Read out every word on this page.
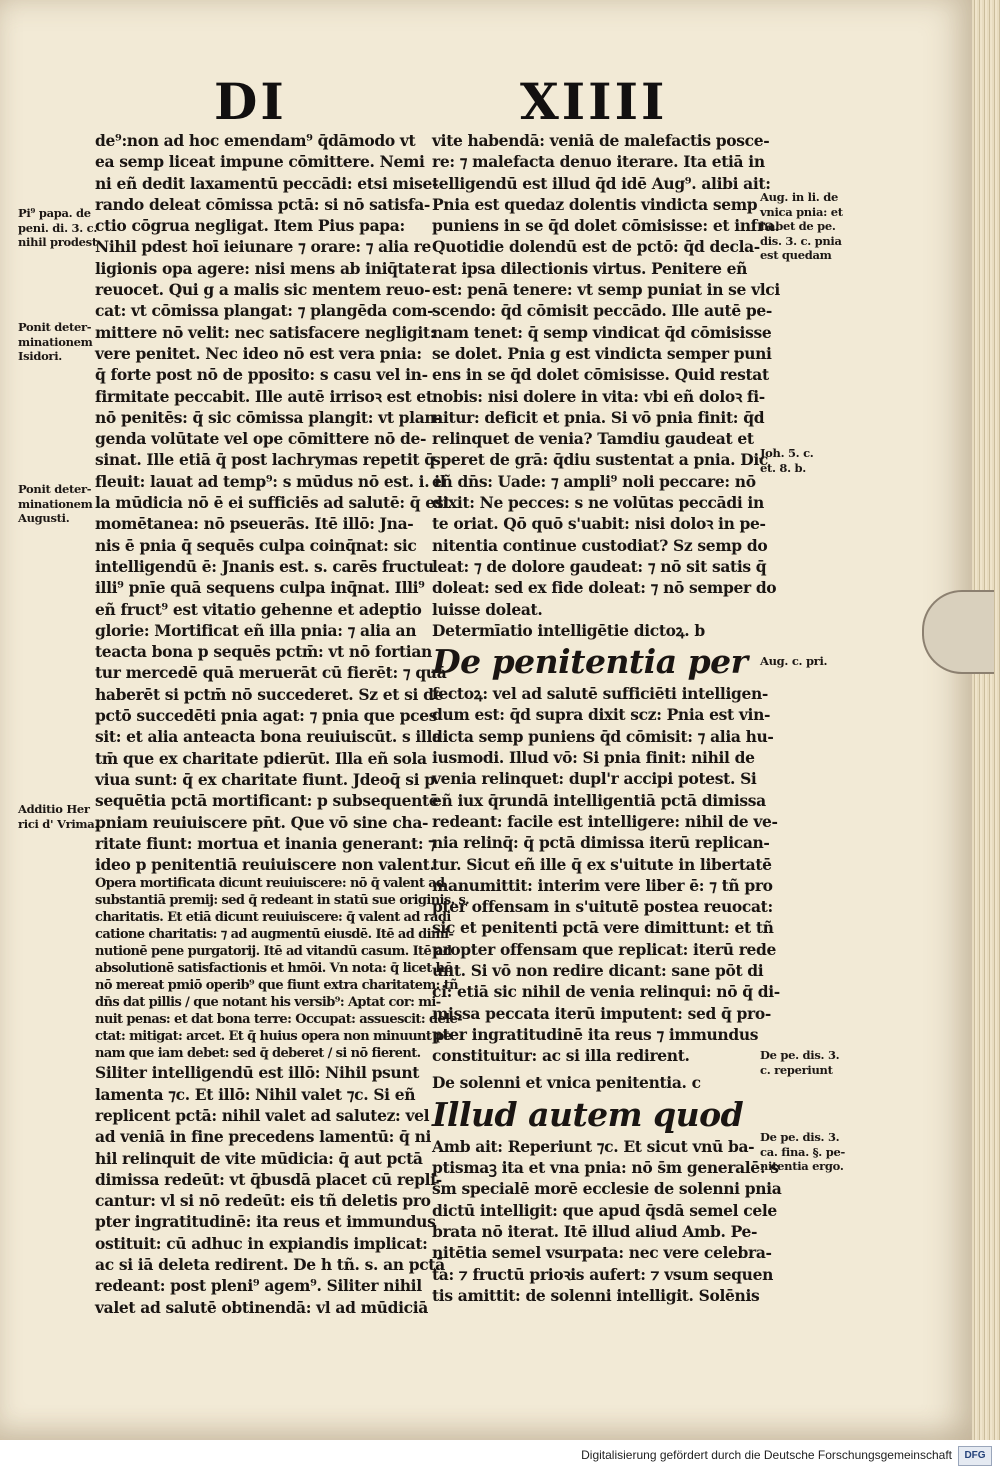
DI	XIIII
de⁹:non ad hoc emendam⁹ q̄dāmodo vt
ea semp liceat impune cōmittere. Nemi
ni eñ dedit laxamentū peccādi: etsi mise-
rando deleat cōmissa pctā: si nō satisfa-
ctio cōgrua negligat. Item Pius papa:
Nihil pdest hoī ieiunare ⁊ orare: ⁊ alia re
ligionis opa agere: nisi mens ab iniq̄tate
reuocet. Qui g a malis sic mentem reuo-
cat: vt cōmissa plangat: ⁊ plangēda com-
mittere nō velit: nec satisfacere negligit:
vere penitet. Nec ideo nō est vera pnia:
q̄ forte post nō de pposito: s casu vel in-
firmitate peccabit. Ille autē irrisoꝛ est et
nō penitēs: q̄ sic cōmissa plangit: vt plan-
genda volūtate vel ope cōmittere nō de-
sinat. Ille etiā q̄ post lachrymas repetit q̄
fleuit: lauat ad temp⁹: s mūdus nō est. i. il
la mūdicia nō ē ei sufficiēs ad salutē: q̄ est
momētanea: nō pseuerās. Itē illō: Jna-
nis ē pnia q̄ sequēs culpa coinq̄nat: sic
intelligendū ē: Jnanis est. s. carēs fructu
illi⁹ pnīe quā sequens culpa inq̄nat. Illi⁹
eñ fruct⁹ est vitatio gehenne et adeptio
glorie: Mortificat eñ illa pnia: ⁊ alia an
teacta bona p sequēs pctm̄: vt nō fortian
tur mercedē quā meruerāt cū fierēt: ⁊ quā
haberēt si pctm̄ nō succederet. Sz et si de
pctō succedēti pnia agat: ⁊ pnia que pces
sit: et alia anteacta bona reuiuiscūt. s illa
tm̄ que ex charitate pdierūt. Illa eñ sola
viua sunt: q̄ ex charitate fiunt. Jdeoq̄ si p
sequētia pctā mortificant: p subsequentē
pniam reuiuiscere pn̄t. Que vō sine cha-
ritate fiunt: mortua et inania generant: ⁊
ideo p penitentiā reuiuiscere non valent.
Opera mortificata dicunt reuiuiscere: nō q̄ valent ad
substantiā premij: sed q̄ redeant in statū sue originis. s.
charitatis. Et etiā dicunt reuiuiscere: q̄ valent ad radi
catione charitatis: ⁊ ad augmentū eiusdē. Itē ad dimi-
nutionē pene purgatorij. Itē ad vitandū casum. Itē ad
absolutionē satisfactionis et hmōi. Vn nota: q̄ licet hō
nō mereat pmiō operib⁹ que fiunt extra charitatem: tñ
dn̄s dat pillis / que notant his versib⁹: Aptat cor: mi-
nuit penas: et dat bona terre: Occupat: assuescit: dele-
ctat: mitigat: arcet. Et q̄ huius opera non minuunt pe
nam que iam debet: sed q̄ deberet / si nō fierent.
Siliter intelligendū est illō: Nihil psunt
lamenta ⁊c. Et illō: Nihil valet ⁊c. Si eñ
replicent pctā: nihil valet ad salutez: vel
ad veniā in fine precedens lamentū: q̄ ni
hil relinquit de vite mūdicia: q̄ aut pctā
dimissa redeūt: vt q̄busdā placet cū repli-
cantur: vl si nō redeūt: eis tñ deletis pro
pter ingratitudinē: ita reus et immundus
ostituit: cū adhuc in expiandis implicat:
ac si iā deleta redirent. De h tñ. s. an pctā
redeant: post pleni⁹ agem⁹. Siliter nihil
valet ad salutē obtinendā: vl ad mūdiciā
vite habendā: veniā de malefactis posce-
re: ⁊ malefacta denuo iterare. Ita etiā in
telligendū est illud q̄d idē Aug⁹. alibi ait:
Pnia est quedaz dolentis vindicta semp
puniens in se q̄d dolet cōmisisse: et infra.
Quotidie dolendū est de pctō: q̄d decla-
rat ipsa dilectionis virtus. Penitere eñ
est: penā tenere: vt semp puniat in se vlci
scendo: q̄d cōmisit peccādo. Ille autē pe-
nam tenet: q̄ semp vindicat q̄d cōmisisse
se dolet. Pnia g est vindicta semper puni
ens in se q̄d dolet cōmisisse. Quid restat
nobis: nisi dolere in vita: vbi eñ doloꝛ fi-
nitur: deficit et pnia. Si vō pnia finit: q̄d
relinquet de venia? Tamdiu gaudeat et
speret de grā: q̄diu sustentat a pnia. Dic
eñ dn̄s: Uade: ⁊ ampli⁹ noli peccare: nō
dixit: Ne pecces: s ne volūtas peccādi in
te oriat. Qō quō s'uabit: nisi doloꝛ in pe-
nitentia continue custodiat? Sz semp do
leat: ⁊ de dolore gaudeat: ⁊ nō sit satis q̄
doleat: sed ex fide doleat: ⁊ nō semper do
luisse doleat.
Determīatio intelligētie dictoꝝ. b
De penitentia per
fectoꝝ: vel ad salutē sufficiēti intelligen-
dum est: q̄d supra dixit scz: Pnia est vin-
dicta semp puniens q̄d cōmisit: ⁊ alia hu-
iusmodi. Illud vō: Si pnia finit: nihil de
venia relinquet: dupl'r accipi potest. Si
eñ iux q̄rundā intelligentiā pctā dimissa
redeant: facile est intelligere: nihil de ve-
nia relinq̄: q̄ pctā dimissa iterū replican-
tur. Sicut eñ ille q̄ ex s'uitute in libertatē
manumittit: interim vere liber ē: ⁊ tñ pro
pter offensam in s'uitutē postea reuocat:
sic et penitenti pctā vere dimittunt: et tñ
propter offensam que replicat: iterū rede
unt. Si vō non redire dicant: sane pōt di
ci: etiā sic nihil de venia relinqui: nō q̄ di-
missa peccata iterū imputent: sed q̄ pro-
pter ingratitudinē ita reus ⁊ immundus
constituitur: ac si illa redirent.
De solenni et vnica penitentia. c
Illud autem quod
Amb ait: Reperiunt ⁊c. Et sicut vnū ba-
ptismaꝫ ita et vna pnia: nō s̄m generalē: s
s̄m specialē morē ecclesie de solenni pnia
dictū intelligit: que apud q̄sdā semel cele
brata nō iterat. Itē illud aliud Amb. Pe-
nitētia semel vsurpata: nec vere celebra-
ta: ⁊ fructū prioꝛis aufert: ⁊ vsum sequen
tis amittit: de solenni intelligit. Solēnis
Pi⁹ papa. de
peni. di. 3. c.
nihil prodest
Ponit deter-
minationem
Isidori.
Ponit deter-
minationem
Augusti.
Additio Her
rici d' Vrima.
Aug. in li. de
vnica pnia: et
habet de pe.
dis. 3. c. pnia
est quedam
Joh. 5. c.
et. 8. b.
Aug. c. pri.
De pe. dis. 3.
c. reperiunt
De pe. dis. 3.
ca. fina. §. pe-
nitentia ergo.
Digitalisierung gefördert durch die Deutsche Forschungsgemeinschaft	DFG
